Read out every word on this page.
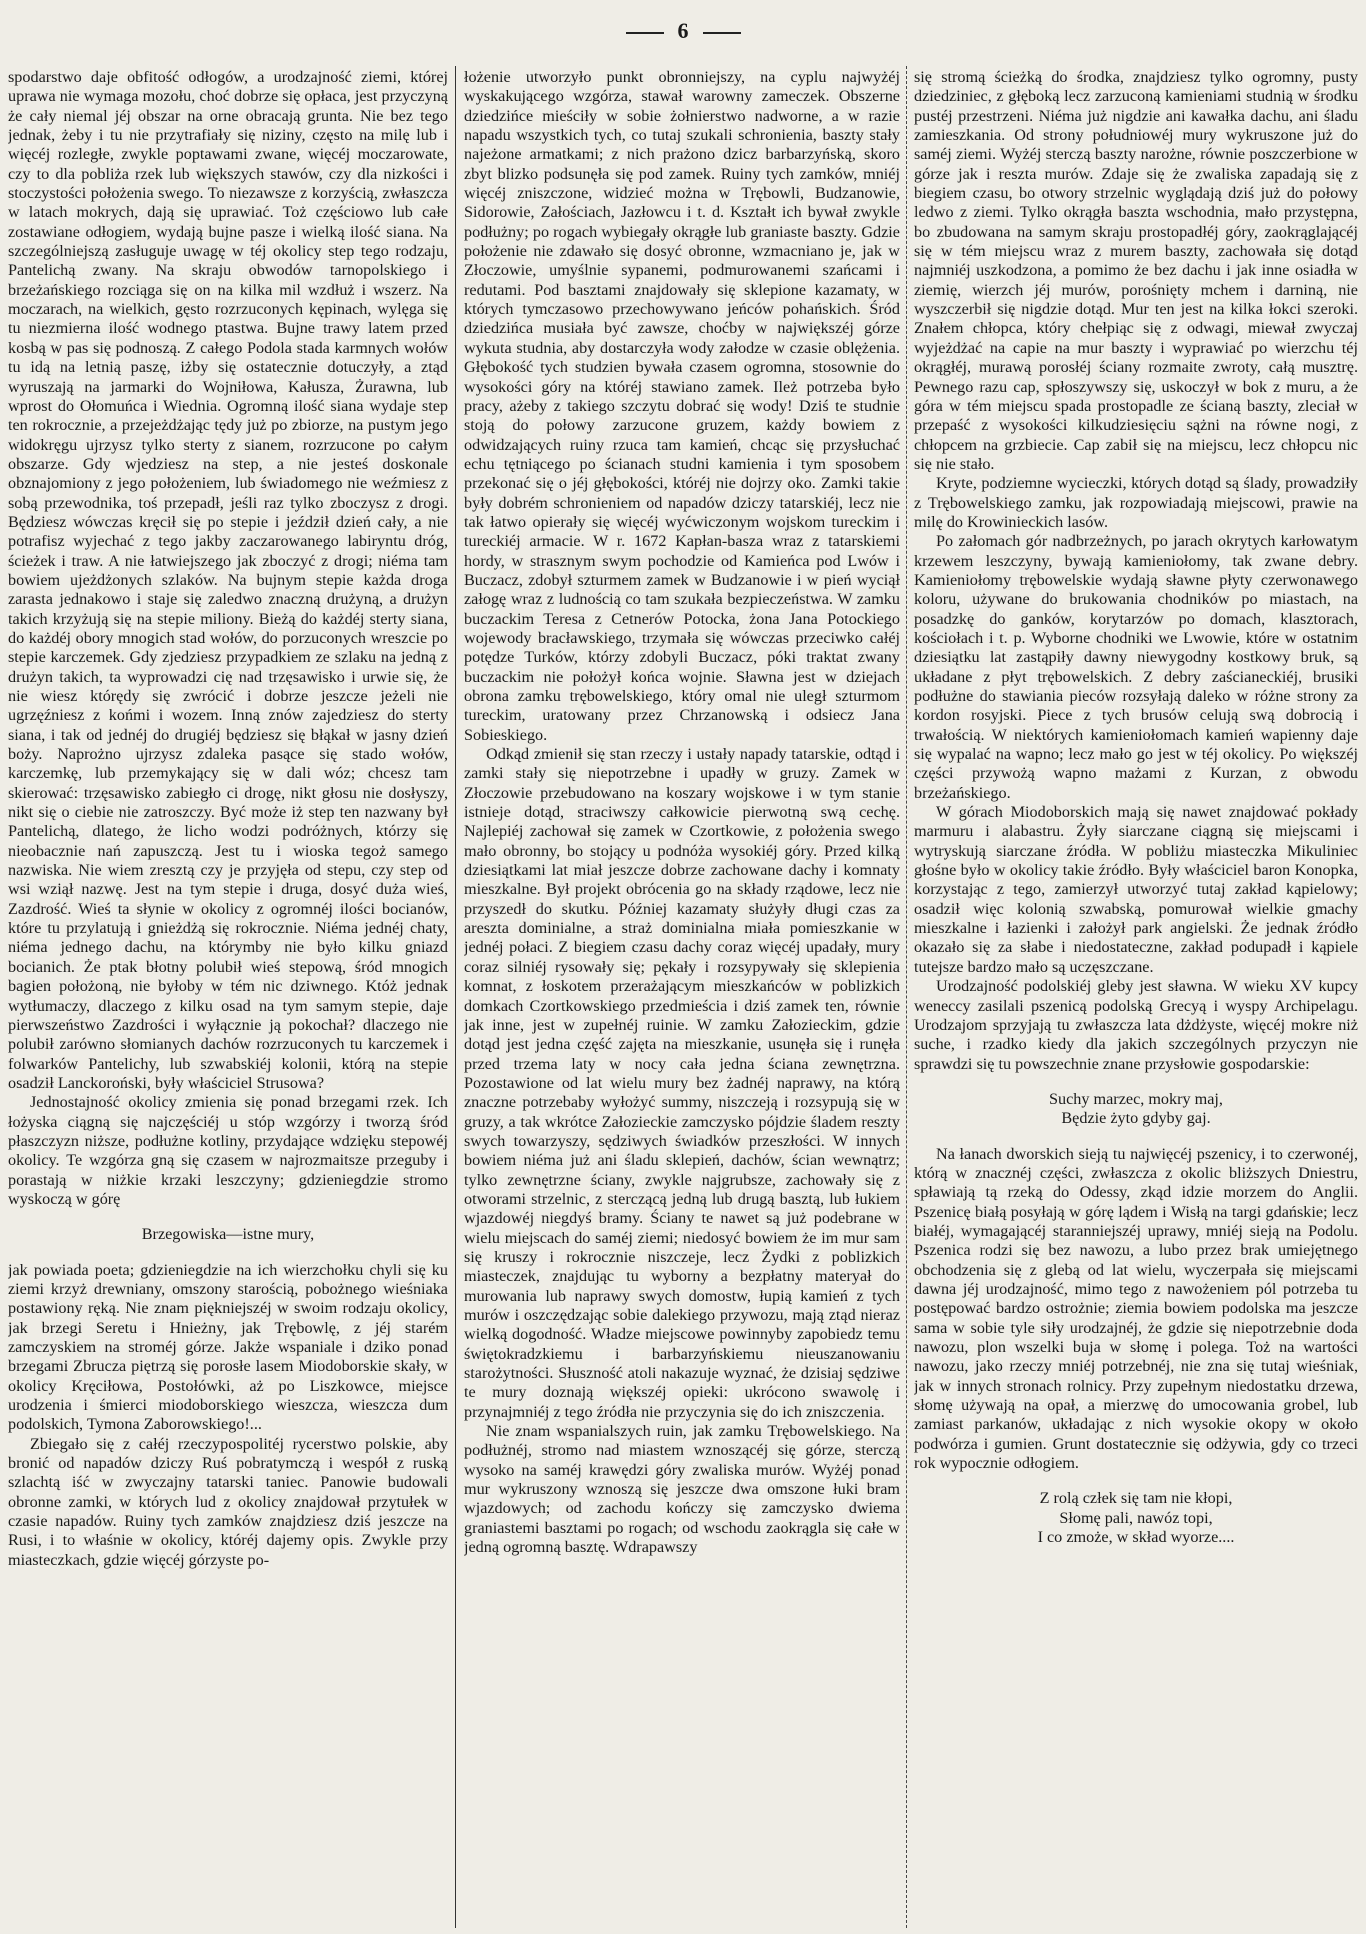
6

spodarstwo daje obfitość odłogów, a urodzajność ziemi, której uprawa nie wymaga mozołu, choć dobrze się opłaca, jest przyczyną że cały niemal jéj obszar na orne obracają grunta. Nie bez tego jednak, żeby i tu nie przytrafiały się niziny, często na milę lub i więcéj rozległe, zwykle poptawami zwane, więcéj moczarowate, czy to dla pobliża rzek lub większych stawów, czy dla nizkości i stoczystości położenia swego. To niezawsze z korzyścią, zwłaszcza w latach mokrych, dają się uprawiać. Toż częściowo lub całe zostawiane odłogiem, wydają bujne pasze i wielką ilość siana. Na szczególniejszą zasługuje uwagę w téj okolicy step tego rodzaju, Pantelichą zwany. Na skraju obwodów tarnopolskiego i brzeżańskiego rozciąga się on na kilka mil wzdłuż i wszerz. Na moczarach, na wielkich, gęsto rozrzuconych kępinach, wylęga się tu niezmierna ilość wodnego ptastwa. Bujne trawy latem przed kosbą w pas się podnoszą. Z całego Podola stada karmnych wołów tu idą na letnią paszę, iżby się ostatecznie dotuczyły, a ztąd wyruszają na jarmarki do Wojniłowa, Kałusza, Żurawna, lub wprost do Ołomuńca i Wiednia. Ogromną ilość siana wydaje step ten rokrocznie, a przejeżdżając tędy już po zbiorze, na pustym jego widokręgu ujrzysz tylko sterty z sianem, rozrzucone po całym obszarze. Gdy wjedziesz na step, a nie jesteś doskonale obznajomiony z jego położeniem, lub świadomego nie weźmiesz z sobą przewodnika, toś przepadł, jeśli raz tylko zboczysz z drogi. Będziesz wówczas kręcił się po stepie i jeździł dzień cały, a nie potrafisz wyjechać z tego jakby zaczarowanego labiryntu dróg, ścieżek i traw. A nie łatwiejszego jak zboczyć z drogi; niéma tam bowiem ujeżdżonych szlaków. Na bujnym stepie każda droga zarasta jednakowo i staje się zaledwo znaczną drużyną, a drużyn takich krzyżują się na stepie miliony. Bieżą do każdéj sterty siana, do każdéj obory mnogich stad wołów, do porzuconych wreszcie po stepie karczemek. Gdy zjedziesz przypadkiem ze szlaku na jedną z drużyn takich, ta wyprowadzi cię nad trzęsawisko i urwie się, że nie wiesz którędy się zwrócić i dobrze jeszcze jeżeli nie ugrzęźniesz z końmi i wozem. Inną znów zajedziesz do sterty siana, i tak od jednéj do drugiéj będziesz się błąkał w jasny dzień boży. Naprożno ujrzysz zdaleka pasące się stado wołów, karczemkę, lub przemykający się w dali wóz; chcesz tam skierować: trzęsawisko zabiegło ci drogę, nikt głosu nie dosłyszy, nikt się o ciebie nie zatroszczy. Być może iż step ten nazwany był Pantelichą, dlatego, że licho wodzi podróżnych, którzy się nieobacznie nań zapuszczą. Jest tu i wioska tegoż samego nazwiska. Nie wiem zresztą czy je przyjęła od stepu, czy step od wsi wziął nazwę. Jest na tym stepie i druga, dosyć duża wieś, Zazdrość. Wieś ta słynie w okolicy z ogromnéj ilości bocianów, które tu przylatują i gnieżdżą się rokrocznie. Niéma jednéj chaty, niéma jednego dachu, na którymby nie było kilku gniazd bocianich. Że ptak błotny polubił wieś stepową, śród mnogich bagien położoną, nie byłoby w tém nic dziwnego. Któż jednak wytłumaczy, dlaczego z kilku osad na tym samym stepie, daje pierwszeństwo Zazdrości i wyłącznie ją pokochał? dlaczego nie polubił zarówno słomianych dachów rozrzuconych tu karczemek i folwarków Pantelichy, lub szwabskiéj kolonii, którą na stepie osadził Lanckoroński, były właściciel Strusowa?

Jednostajność okolicy zmienia się ponad brzegami rzek. Ich łożyska ciągną się najczęściéj u stóp wzgórzy i tworzą śród płaszczyzn niższe, podłużne kotliny, przydające wdzięku stepowéj okolicy. Te wzgórza gną się czasem w najrozmaitsze przeguby i porastają w niżkie krzaki leszczyny; gdzieniegdzie stromo wyskoczą w górę

Brzegowiska—istne mury,

jak powiada poeta; gdzieniegdzie na ich wierzchołku chyli się ku ziemi krzyż drewniany, omszony starością, pobożnego wieśniaka postawiony ręką. Nie znam piękniejszéj w swoim rodzaju okolicy, jak brzegi Seretu i Hnieżny, jak Trębowlę, z jéj starém zamczyskiem na stroméj górze. Jakże wspaniale i dziko ponad brzegami Zbrucza piętrzą się porosłe lasem Miodoborskie skały, w okolicy Kręciłowa, Postołówki, aż po Liszkowce, miejsce urodzenia i śmierci miodoborskiego wieszcza, wieszcza dum podolskich, Tymona Zaborowskiego!...

Zbiegało się z całéj rzeczypospolitéj rycerstwo polskie, aby bronić od napadów dziczy Ruś pobratymczą i wespół z ruską szlachtą iść w zwyczajny tatarski taniec. Panowie budowali obronne zamki, w których lud z okolicy znajdował przytułek w czasie napadów. Ruiny tych zamków znajdziesz dziś jeszcze na Rusi, i to właśnie w okolicy, któréj dajemy opis. Zwykle przy miasteczkach, gdzie więcéj górzyste po-

łożenie utworzyło punkt obronniejszy, na cyplu najwyżéj wyskakującego wzgórza, stawał warowny zameczek. Obszerne dziedzińce mieściły w sobie żołnierstwo nadworne, a w razie napadu wszystkich tych, co tutaj szukali schronienia, baszty stały najeżone armatkami; z nich prażono dzicz barbarzyńską, skoro zbyt blizko podsunęła się pod zamek. Ruiny tych zamków, mniéj więcéj zniszczone, widzieć można w Trębowli, Budzanowie, Sidorowie, Załościach, Jazłowcu i t. d. Kształt ich bywał zwykle podłużny; po rogach wybiegały okrągłe lub graniaste baszty. Gdzie położenie nie zdawało się dosyć obronne, wzmacniano je, jak w Złoczowie, umyślnie sypanemi, podmurowanemi szańcami i redutami. Pod basztami znajdowały się sklepione kazamaty, w których tymczasowo przechowywano jeńców pohańskich. Śród dziedzińca musiała być zawsze, choćby w największéj górze wykuta studnia, aby dostarczyła wody załodze w czasie oblężenia. Głębokość tych studzien bywała czasem ogromna, stosownie do wysokości góry na któréj stawiano zamek. Ileż potrzeba było pracy, ażeby z takiego szczytu dobrać się wody! Dziś te studnie stoją do połowy zarzucone gruzem, każdy bowiem z odwidzających ruiny rzuca tam kamień, chcąc się przysłuchać echu tętniącego po ścianach studni kamienia i tym sposobem przekonać się o jéj głębokości, któréj nie dojrzy oko. Zamki takie były dobrém schronieniem od napadów dziczy tatarskiéj, lecz nie tak łatwo opierały się więcéj wyćwiczonym wojskom tureckim i tureckiéj armacie. W r. 1672 Kapłan-basza wraz z tatarskiemi hordy, w strasznym swym pochodzie od Kamieńca pod Lwów i Buczacz, zdobył szturmem zamek w Budzanowie i w pień wyciął załogę wraz z ludnością co tam szukała bezpieczeństwa. W zamku buczackim Teresa z Cetnerów Potocka, żona Jana Potockiego wojewody bracławskiego, trzymała się wówczas przeciwko całéj potędze Turków, którzy zdobyli Buczacz, póki traktat zwany buczackim nie położył końca wojnie. Sławna jest w dziejach obrona zamku trębowelskiego, który omal nie uległ szturmom tureckim, uratowany przez Chrzanowską i odsiecz Jana Sobieskiego.

Odkąd zmienił się stan rzeczy i ustały napady tatarskie, odtąd i zamki stały się niepotrzebne i upadły w gruzy. Zamek w Złoczowie przebudowano na koszary wojskowe i w tym stanie istnieje dotąd, straciwszy całkowicie pierwotną swą cechę. Najlepiéj zachował się zamek w Czortkowie, z położenia swego mało obronny, bo stojący u podnóża wysokiéj góry. Przed kilką dziesiątkami lat miał jeszcze dobrze zachowane dachy i komnaty mieszkalne. Był projekt obrócenia go na składy rządowe, lecz nie przyszedł do skutku. Później kazamaty służyły długi czas za aresztа dominialne, a straż dominialna miała pomieszkanie w jednéj połaci. Z biegiem czasu dachy coraz więcéj upadały, mury coraz silniéj rysowały się; pękały i rozsypywały się sklepienia komnat, z łoskotem przerażającym mieszkańców w poblizkich domkach Czortkowskiego przedmieścia i dziś zamek ten, równie jak inne, jest w zupełnéj ruinie. W zamku Załozieckim, gdzie dotąd jest jedna część zajęta na mieszkanie, usunęła się i runęła przed trzema laty w nocy cała jedna ściana zewnętrzna. Pozostawione od lat wielu mury bez żadnéj naprawy, na którą znaczne potrzebaby wyłożyć summy, niszczeją i rozsypują się w gruzy, a tak wkrótce Załozieckie zamczysko pójdzie śladem reszty swych towarzyszy, sędziwych świadków przeszłości. W innych bowiem niéma już ani śladu sklepień, dachów, ścian wewnątrz; tylko zewnętrzne ściany, zwykle najgrubsze, zachowały się z otworami strzelnic, z sterczącą jedną lub drugą basztą, lub łukiem wjazdowéj niegdyś bramy. Ściany te nawet są już podebrane w wielu miejscach do saméj ziemi; niedosyć bowiem że im mur sam się kruszy i rokrocznie niszczeje, lecz Żydki z poblizkich miasteczek, znajdując tu wyborny a bezpłatny materyał do murowania lub naprawy swych domostw, łupią kamień z tych murów i oszczędzając sobie dalekiego przywozu, mają ztąd nieraz wielką dogodność. Władze miejscowe powinnyby zapobiedz temu świętokradzkiemu i barbarzyńskiemu nieuszanowaniu starożytności. Słuszność atoli nakazuje wyznać, że dzisiaj sędziwe te mury doznają większéj opieki: ukrócono swawolę i przynajmniéj z tego źródła nie przyczynia się do ich zniszczenia.

Nie znam wspanialszych ruin, jak zamku Trębowelskiego. Na podłużnéj, stromo nad miastem wznoszącéj się górze, sterczą wysoko na saméj krawędzi góry zwaliska murów. Wyżéj ponad mur wykruszony wznoszą się jeszcze dwa omszone łuki bram wjazdowych; od zachodu kończy się zamczysko dwiema graniastemi basztami po rogach; od wschodu zaokrągla się całe w jedną ogromną basztę. Wdrapawszy

się stromą ścieżką do środka, znajdziesz tylko ogromny, pusty dziedziniec, z głęboką lecz zarzuconą kamieniami studnią w środku pustéj przestrzeni. Niéma już nigdzie ani kawałka dachu, ani śladu zamieszkania. Od strony południowéj mury wykruszone już do saméj ziemi. Wyżéj sterczą baszty narożne, równie poszczerbione w górze jak i reszta murów. Zdaje się że zwaliska zapadają się z biegiem czasu, bo otwory strzelnic wyglądają dziś już do połowy ledwo z ziemi. Tylko okrągła baszta wschodnia, mało przystępna, bo zbudowana na samym skraju prostopadłéj góry, zaokrąglającéj się w tém miejscu wraz z murem baszty, zachowała się dotąd najmniéj uszkodzona, a pomimo że bez dachu i jak inne osiadła w ziemię, wierzch jéj murów, porośnięty mchem i darniną, nie wyszczerbił się nigdzie dotąd. Mur ten jest na kilka łokci szeroki. Znałem chłopca, który chełpiąc się z odwagi, miewał zwyczaj wyjeżdżać na capie na mur baszty i wyprawiać po wierzchu téj okrągłéj, murawą porosłéj ściany rozmaite zwroty, całą musztrę. Pewnego razu cap, spłoszywszy się, uskoczył w bok z muru, a że góra w tém miejscu spada prostopadle ze ścianą baszty, zleciał w przepaść z wysokości kilkudziesięciu sążni na równe nogi, z chłopcem na grzbiecie. Cap zabił się na miejscu, lecz chłopcu nic się nie stało.

Kryte, podziemne wycieczki, których dotąd są ślady, prowadziły z Trębowelskiego zamku, jak rozpowiadają miejscowi, prawie na milę do Krowinieckich lasów.

Po załomach gór nadbrzeżnych, po jarach okrytych karłowatym krzewem leszczyny, bywają kamieniołomy, tak zwane debry. Kamieniołomy trębowelskie wydają sławne płyty czerwonawego koloru, używane do brukowania chodników po miastach, na posadzkę do ganków, korytarzów po domach, klasztorach, kościołach i t. p. Wyborne chodniki we Lwowie, które w ostatnim dziesiątku lat zastąpiły dawny niewygodny kostkowy bruk, są układane z płyt trębowelskich. Z debry zaścianeckiéj, brusiki podłużne do stawiania pieców rozsyłają daleko w różne strony za kordon rosyjski. Piece z tych brusów celują swą dobrocią i trwałością. W niektórych kamieniołomach kamień wapienny daje się wypalać na wapno; lecz mało go jest w téj okolicy. Po większéj części przywożą wapno mażami z Kurzan, z obwodu brzeżańskiego.

W górach Miodoborskich mają się nawet znajdować pokłady marmuru i alabastru. Żyły siarczane ciągną się miejscami i wytryskują siarczane źródła. W pobliżu miasteczka Mikuliniec głośne było w okolicy takie źródło. Były właściciel baron Konopka, korzystając z tego, zamierzył utworzyć tutaj zakład kąpielowy; osadził więc kolonią szwabską, pomurował wielkie gmachy mieszkalne i łazienki i założył park angielski. Że jednak źródło okazało się za słabe i niedostateczne, zakład podupadł i kąpiele tutejsze bardzo mało są uczęszczane.

Urodzajność podolskiéj gleby jest sławna. W wieku XV kupcy weneccy zasilali pszenicą podolską Grecyą i wyspy Archipelagu. Urodzajom sprzyjają tu zwłaszcza lata dżdżyste, więcéj mokre niż suche, i rzadko kiedy dla jakich szczególnych przyczyn nie sprawdzi się tu powszechnie znane przysłowie gospodarskie:

Suchy marzec, mokry maj,

Będzie żyto gdyby gaj.

Na łanach dworskich sieją tu najwięcéj pszenicy, i to czerwonéj, którą w znacznéj części, zwłaszcza z okolic bliższych Dniestru, spławiają tą rzeką do Odessy, zkąd idzie morzem do Anglii. Pszenicę białą posyłają w górę lądem i Wisłą na targi gdańskie; lecz białéj, wymagającéj staranniejszéj uprawy, mniéj sieją na Podolu. Pszenica rodzi się bez nawozu, a lubo przez brak umiejętnego obchodzenia się z glebą od lat wielu, wyczerpała się miejscami dawna jéj urodzajność, mimo tego z nawożeniem pól potrzeba tu postępować bardzo ostrożnie; ziemia bowiem podolska ma jeszcze sama w sobie tyle siły urodzajnéj, że gdzie się niepotrzebnie doda nawozu, plon wszelki buja w słomę i polega. Toż na wartości nawozu, jako rzeczy mniéj potrzebnéj, nie zna się tutaj wieśniak, jak w innych stronach rolnicy. Przy zupełnym niedostatku drzewa, słomę używają na opał, a mierzwę do umocowania grobel, lub zamiast parkanów, układając z nich wysokie okopy w około podwórza i gumien. Grunt dostatecznie się odżywia, gdy co trzeci rok wypocznie odłogiem.

Z rolą człek się tam nie kłopi,

Słomę pali, nawóz topi,

I co zmoże, w skład wyorze....
